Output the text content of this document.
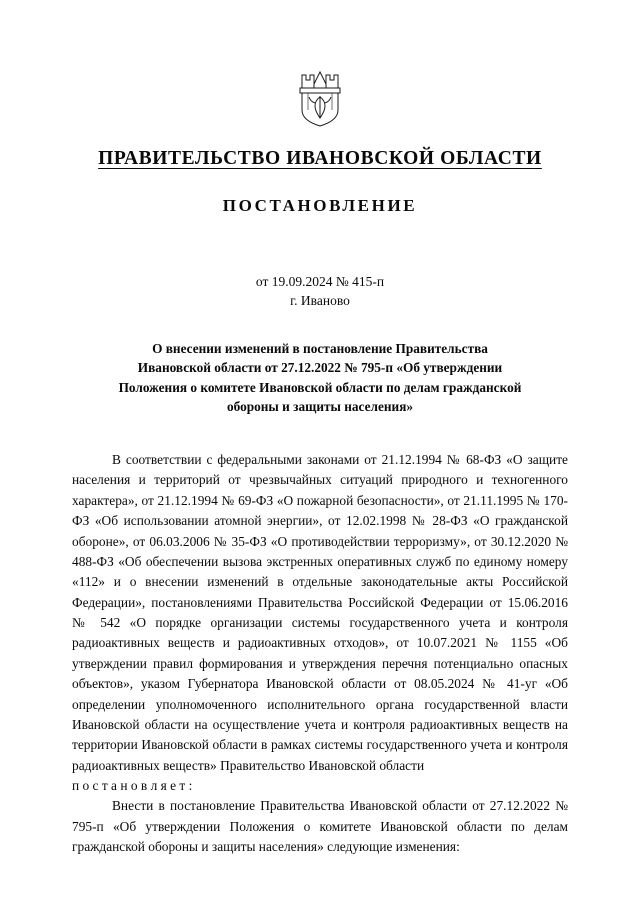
ПРАВИТЕЛЬСТВО ИВАНОВСКОЙ ОБЛАСТИ
ПОСТАНОВЛЕНИЕ
от 19.09.2024 № 415-п
г. Иваново
О внесении изменений в постановление Правительства
Ивановской области от 27.12.2022 № 795-п «Об утверждении
Положения о комитете Ивановской области по делам гражданской
обороны и защиты населения»

В соответствии с федеральными законами от 21.12.1994 № 68-ФЗ «О защите населения и территорий от чрезвычайных ситуаций природного и техногенного характера», от 21.12.1994 № 69-ФЗ «О пожарной безопасности», от 21.11.1995 № 170-ФЗ «Об использовании атомной энергии», от 12.02.1998 № 28-ФЗ «О гражданской обороне», от 06.03.2006 № 35-ФЗ «О противодействии терроризму», от 30.12.2020 № 488-ФЗ «Об обеспечении вызова экстренных оперативных служб по единому номеру «112» и о внесении изменений в отдельные законодательные акты Российской Федерации», постановлениями Правительства Российской Федерации от 15.06.2016 № 542 «О порядке организации системы государственного учета и контроля радиоактивных веществ и радиоактивных отходов», от 10.07.2021 № 1155 «Об утверждении правил формирования и утверждения перечня потенциально опасных объектов», указом Губернатора Ивановской области от 08.05.2024 № 41-уг «Об определении уполномоченного исполнительного органа государственной власти Ивановской области на осуществление учета и контроля радиоактивных веществ на территории Ивановской области в рамках системы государственного учета и контроля радиоактивных веществ» Правительство Ивановской области

п о с т а н о в л я е т :

Внести в постановление Правительства Ивановской области от 27.12.2022 № 795-п «Об утверждении Положения о комитете Ивановской области по делам гражданской обороны и защиты населения» следующие изменения:
